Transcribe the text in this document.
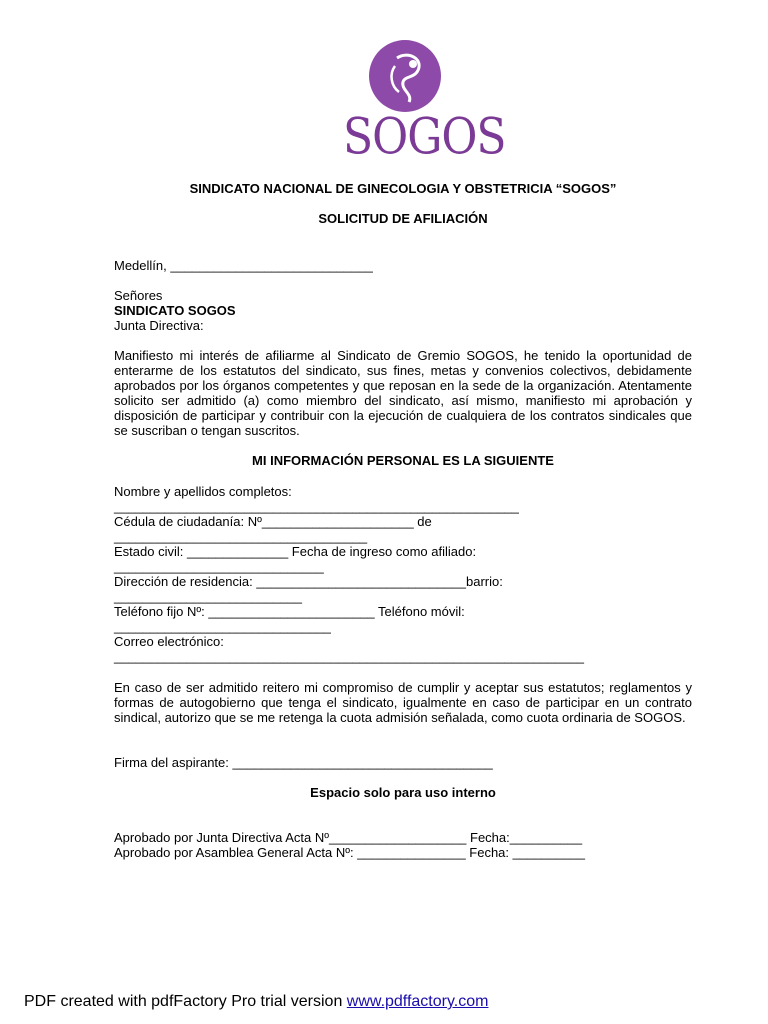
SOGOS
SINDICATO NACIONAL DE GINECOLOGIA Y OBSTETRICIA “SOGOS”
SOLICITUD DE AFILIACIÓN
Medellín, ____________________________
Señores
SINDICATO SOGOS
Junta Directiva:
Manifiesto mi interés de afiliarme al Sindicato de Gremio SOGOS, he tenido la oportunidad de enterarme de los estatutos del sindicato, sus fines, metas y convenios colectivos, debidamente aprobados por los órganos competentes y que reposan en la sede de la organización. Atentamente solicito ser admitido (a) como miembro del sindicato, así mismo, manifiesto mi aprobación y disposición de participar y contribuir con la ejecución de cualquiera de los contratos sindicales que se suscriban o tengan suscritos.
MI INFORMACIÓN PERSONAL ES LA SIGUIENTE
Nombre y apellidos completos:
________________________________________________________
Cédula de ciudadanía: Nº_____________________ de
___________________________________
Estado civil: ______________ Fecha de ingreso como afiliado:
_____________________________
Dirección de residencia: _____________________________barrio:
__________________________
Teléfono fijo Nº: _______________________ Teléfono móvil:
______________________________
Correo electrónico:
_________________________________________________________________
En caso de ser admitido reitero mi compromiso de cumplir y aceptar sus estatutos; reglamentos y formas de autogobierno que tenga el sindicato, igualmente en caso de participar en un contrato sindical, autorizo que se me retenga la cuota admisión señalada, como cuota ordinaria de SOGOS.
Firma del aspirante: ____________________________________
Espacio solo para uso interno
Aprobado por Junta Directiva Acta Nº___________________ Fecha:__________
Aprobado por Asamblea General Acta Nº: _______________ Fecha: __________
PDF created with pdfFactory Pro trial version www.pdffactory.com
